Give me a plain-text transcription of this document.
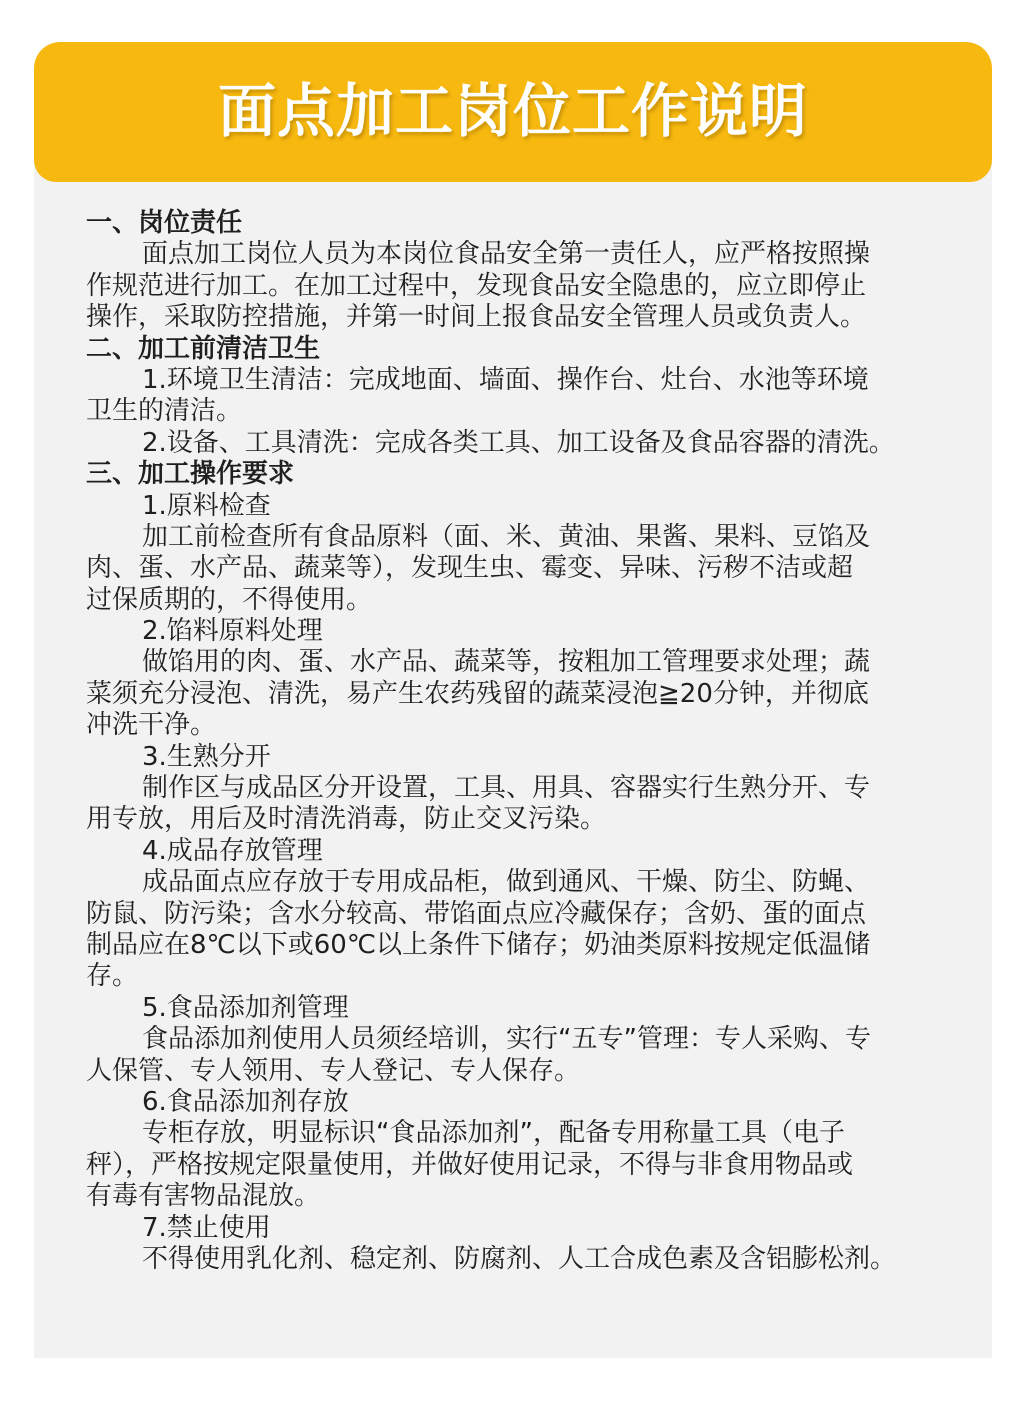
面点加工岗位工作说明
一、岗位责任
面点加工岗位人员为本岗位食品安全第一责任人，应严格按照操
作规范进行加工。在加工过程中，发现食品安全隐患的，应立即停止
操作，采取防控措施，并第一时间上报食品安全管理人员或负责人。
二、加工前清洁卫生
1.环境卫生清洁：完成地面、墙面、操作台、灶台、水池等环境
卫生的清洁。
2.设备、工具清洗：完成各类工具、加工设备及食品容器的清洗。
三、加工操作要求
1.原料检查
加工前检查所有食品原料（面、米、黄油、果酱、果料、豆馅及
肉、蛋、水产品、蔬菜等），发现生虫、霉变、异味、污秽不洁或超
过保质期的，不得使用。
2.馅料原料处理
做馅用的肉、蛋、水产品、蔬菜等，按粗加工管理要求处理；蔬
菜须充分浸泡、清洗，易产生农药残留的蔬菜浸泡≧20分钟，并彻底
冲洗干净。
3.生熟分开
制作区与成品区分开设置，工具、用具、容器实行生熟分开、专
用专放，用后及时清洗消毒，防止交叉污染。
4.成品存放管理
成品面点应存放于专用成品柜，做到通风、干燥、防尘、防蝇、
防鼠、防污染；含水分较高、带馅面点应冷藏保存；含奶、蛋的面点
制品应在8℃以下或60℃以上条件下储存；奶油类原料按规定低温储
存。
5.食品添加剂管理
食品添加剂使用人员须经培训，实行“五专”管理：专人采购、专
人保管、专人领用、专人登记、专人保存。
6.食品添加剂存放
专柜存放，明显标识“食品添加剂”，配备专用称量工具（电子
秤），严格按规定限量使用，并做好使用记录，不得与非食用物品或
有毒有害物品混放。
7.禁止使用
不得使用乳化剂、稳定剂、防腐剂、人工合成色素及含铝膨松剂。
